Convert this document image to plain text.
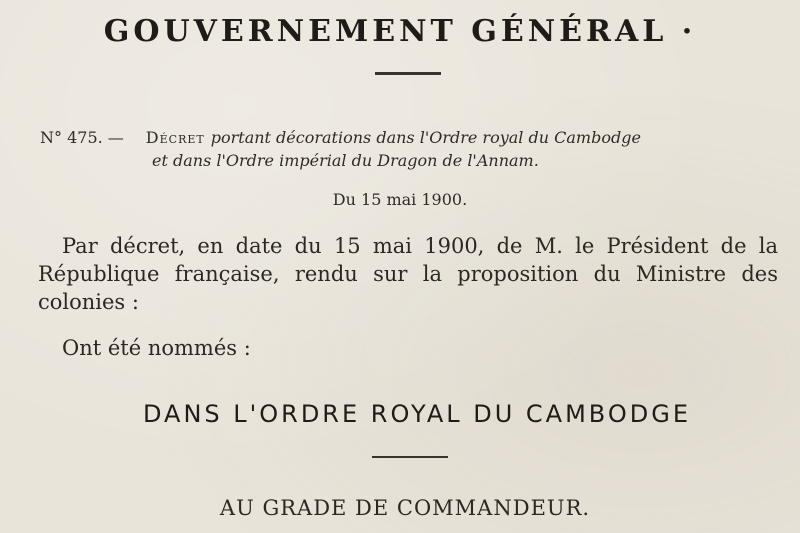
GOUVERNEMENT GÉNÉRAL ·
N° 475. — Décret portant décorations dans l'Ordre royal du Cambodge
et dans l'Ordre impérial du Dragon de l'Annam.
Du 15 mai 1900.
Par décret, en date du 15 mai 1900, de M. le Président de la République française, rendu sur la proposition du Ministre des colonies :
Ont été nommés :
DANS L'ORDRE ROYAL DU CAMBODGE
AU GRADE DE COMMANDEUR.
